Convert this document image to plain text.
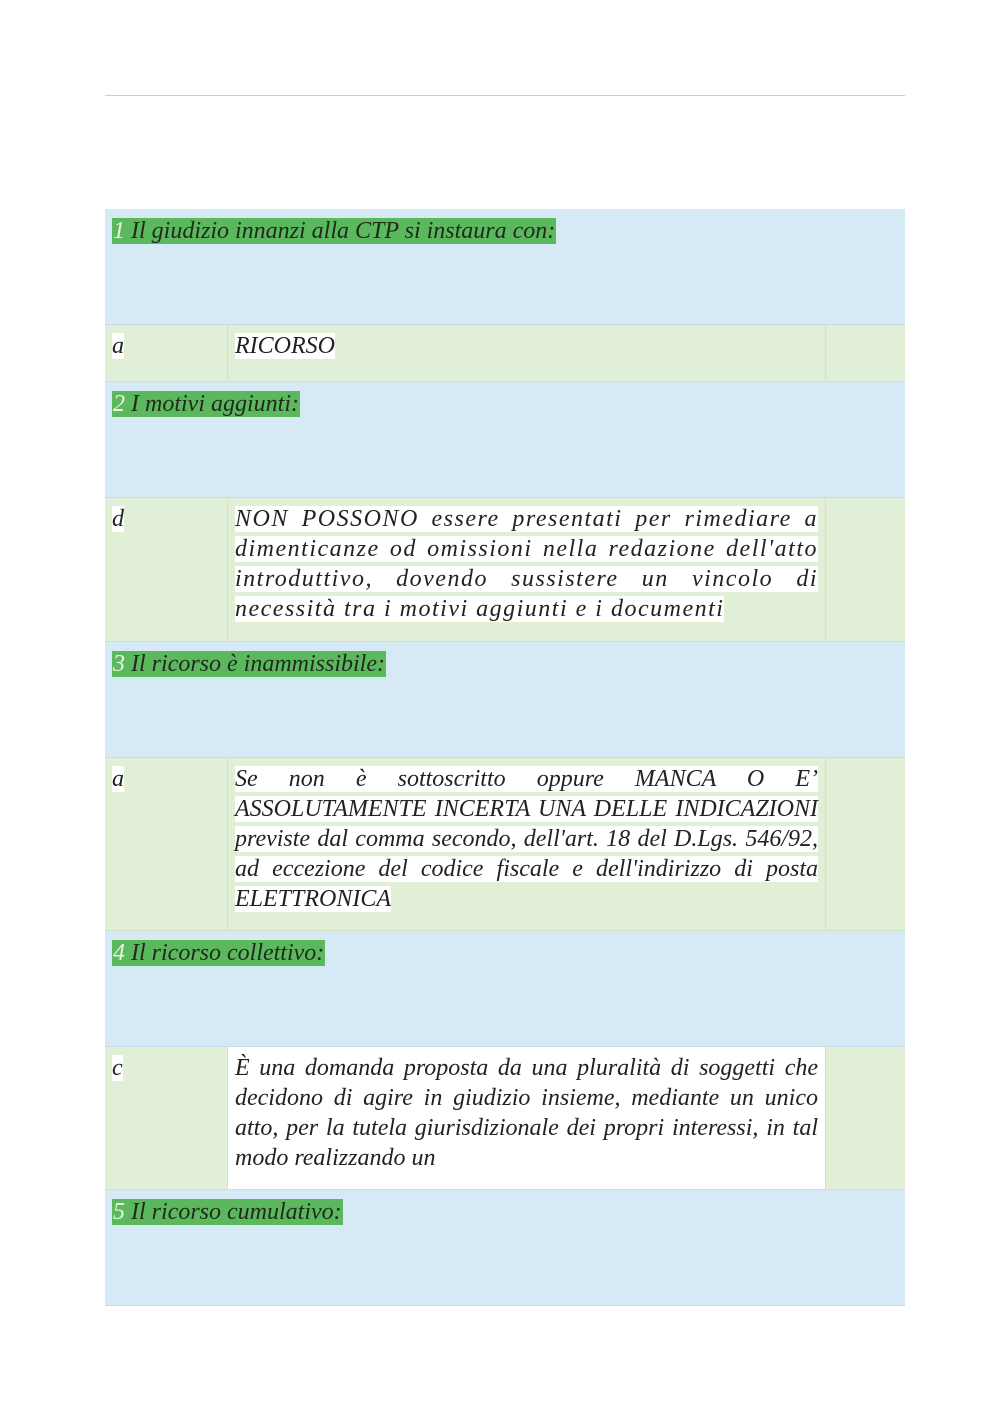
1 Il giudizio innanzi alla CTP si instaura con:
a	RICORSO
2 I motivi aggiunti:
d	NON POSSONO essere presentati per rimediare a dimenticanze od omissioni nella redazione dell'atto introduttivo, dovendo sussistere un vincolo di necessità tra i motivi aggiunti e i documenti
3 Il ricorso è inammissibile:
a	Se non è sottoscritto oppure MANCA O E’ ASSOLUTAMENTE INCERTA UNA DELLE INDICAZIONI previste dal comma secondo, dell'art. 18 del D.Lgs. 546/92, ad eccezione del codice fiscale e dell'indirizzo di posta ELETTRONICA
4 Il ricorso collettivo:
c	È una domanda proposta da una pluralità di soggetti che decidono di agire in giudizio insieme, mediante un unico atto, per la tutela giurisdizionale dei propri interessi, in tal modo realizzando un
5 Il ricorso cumulativo:
